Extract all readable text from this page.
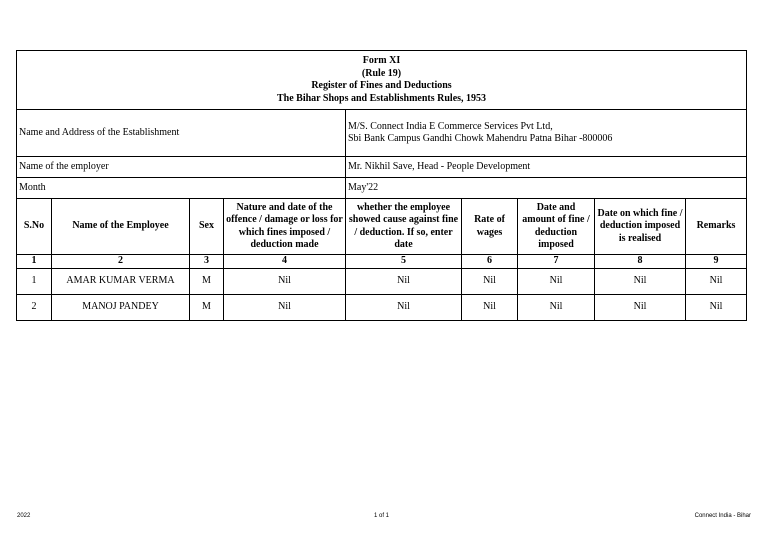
Form XI
(Rule 19)
Register of Fines and Deductions
The Bihar Shops and Establishments Rules, 1953								

Name and Address of the Establishment				M/S. Connect India E Commerce Services Pvt Ltd,
Sbi Bank Campus Gandhi Chowk Mahendru Patna Bihar -800006				

Name of the employer				Mr. Nikhil Save, Head - People Development				
Month				May'22				
S.No	Name of the Employee	Sex	Nature and date of the offence / damage or loss for which fines imposed / deduction made	whether the employee showed cause against fine / deduction. If so, enter date	Rate of wages	Date and amount of fine / deduction imposed	Date on which fine / deduction imposed is realised	Remarks
1	2	3	4	5	6	7	8	9
1	AMAR KUMAR VERMA	M	Nil	Nil	Nil	Nil	Nil	Nil
2	MANOJ PANDEY	M	Nil	Nil	Nil	Nil	Nil	Nil
2022	1 of 1	Connect India - Bihar
